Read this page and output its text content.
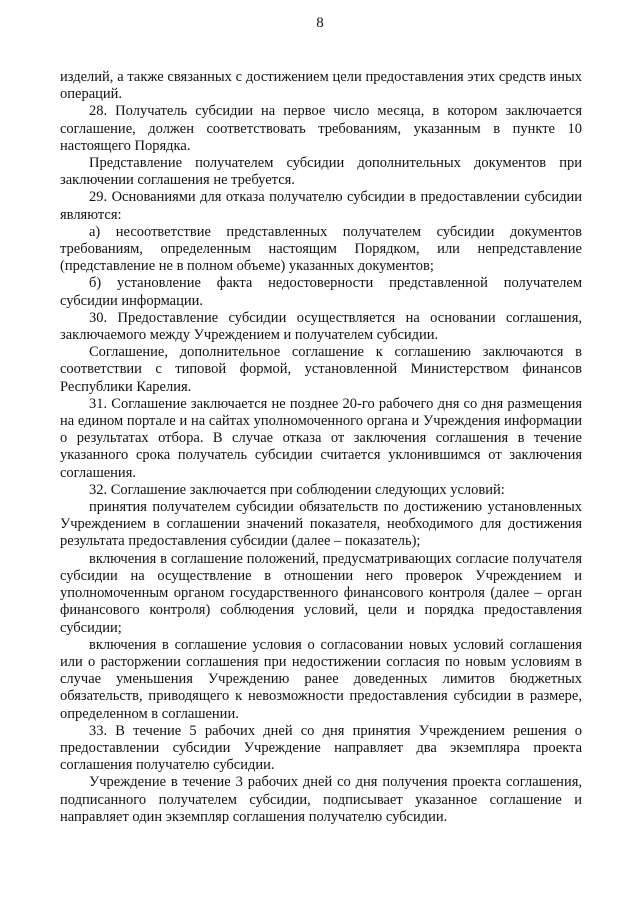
8

изделий, а также связанных с достижением цели предоставления этих средств иных операций.

28. Получатель субсидии на первое число месяца, в котором заключается соглашение, должен соответствовать требованиям, указанным в пункте 10 настоящего Порядка.

Представление получателем субсидии дополнительных документов при заключении соглашения не требуется.

29. Основаниями для отказа получателю субсидии в предоставлении субсидии являются:

а) несоответствие представленных получателем субсидии документов требованиям, определенным настоящим Порядком, или непредставление (представление не в полном объеме) указанных документов;

б) установление факта недостоверности представленной получателем субсидии информации.

30. Предоставление субсидии осуществляется на основании соглашения, заключаемого между Учреждением и получателем субсидии.

Соглашение, дополнительное соглашение к соглашению заключаются в соответствии с типовой формой, установленной Министерством финансов Республики Карелия.

31. Соглашение заключается не позднее 20-го рабочего дня со дня размещения на едином портале и на сайтах уполномоченного органа и Учреждения информации о результатах отбора. В случае отказа от заключения соглашения в течение указанного срока получатель субсидии считается уклонившимся от заключения соглашения.

32. Соглашение заключается при соблюдении следующих условий:

принятия получателем субсидии обязательств по достижению установленных Учреждением в соглашении значений показателя, необходимого для достижения результата предоставления субсидии (далее – показатель);

включения в соглашение положений, предусматривающих согласие получателя субсидии на осуществление в отношении него проверок Учреждением и уполномоченным органом государственного финансового контроля (далее – орган финансового контроля) соблюдения условий, цели и порядка предоставления субсидии;

включения в соглашение условия о согласовании новых условий соглашения или о расторжении соглашения при недостижении согласия по новым условиям в случае уменьшения Учреждению ранее доведенных лимитов бюджетных обязательств, приводящего к невозможности предоставления субсидии в размере, определенном в соглашении.

33. В течение 5 рабочих дней со дня принятия Учреждением решения о предоставлении субсидии Учреждение направляет два экземпляра проекта соглашения получателю субсидии.

Учреждение в течение 3 рабочих дней со дня получения проекта соглашения, подписанного получателем субсидии, подписывает указанное соглашение и направляет один экземпляр соглашения получателю субсидии.
